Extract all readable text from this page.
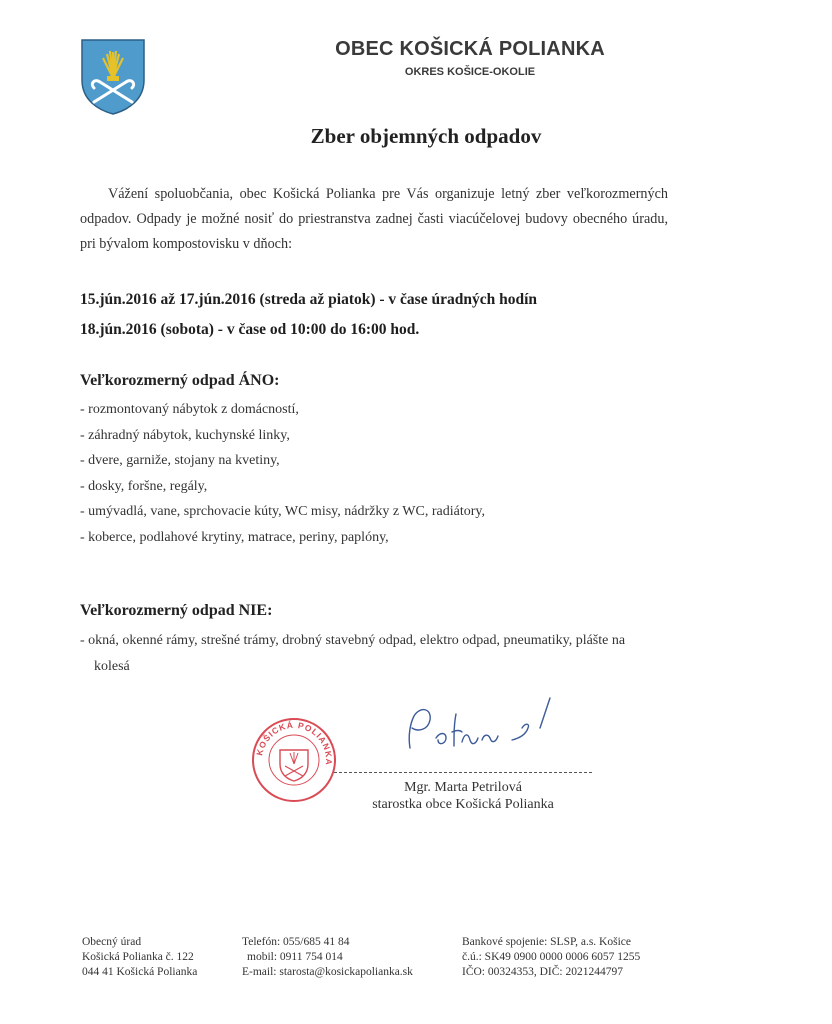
OBEC KOŠICKÁ POLIANKA
OKRES KOŠICE-OKOLIE
Zber objemných odpadov
Vážení spoluobčania, obec Košická Polianka pre Vás organizuje letný zber veľkorozmerných odpadov. Odpady je možné nosiť do priestranstva zadnej časti viacúčelovej budovy obecného úradu, pri bývalom kompostovisku v dňoch:
15.jún.2016 až 17.jún.2016 (streda až piatok) - v čase úradných hodín
18.jún.2016 (sobota) - v čase od 10:00 do 16:00 hod.
Veľkorozmerný odpad ÁNO:
- rozmontovaný nábytok z domácností,
- záhradný nábytok, kuchynské linky,
- dvere, garniže, stojany na kvetiny,
- dosky, foršne, regály,
- umývadlá, vane, sprchovacie kúty, WC misy, nádržky z WC, radiátory,
- koberce, podlahové krytiny, matrace, periny, paplóny,
Veľkorozmerný odpad NIE:
- okná, okenné rámy, strešné trámy, drobný stavebný odpad, elektro odpad, pneumatiky, plášte na
kolesá
KOŠICKÁ POLIANKA
Mgr. Marta Petrilová
starostka obce Košická Polianka
Obecný úrad
Košická Polianka č. 122
044 41 Košická Polianka
Telefón: 055/685 41 84
mobil: 0911 754 014
E-mail: starosta@kosickapolianka.sk
Bankové spojenie: SLSP, a.s. Košice
č.ú.: SK49 0900 0000 0006 6057 1255
IČO: 00324353, DIČ: 2021244797
